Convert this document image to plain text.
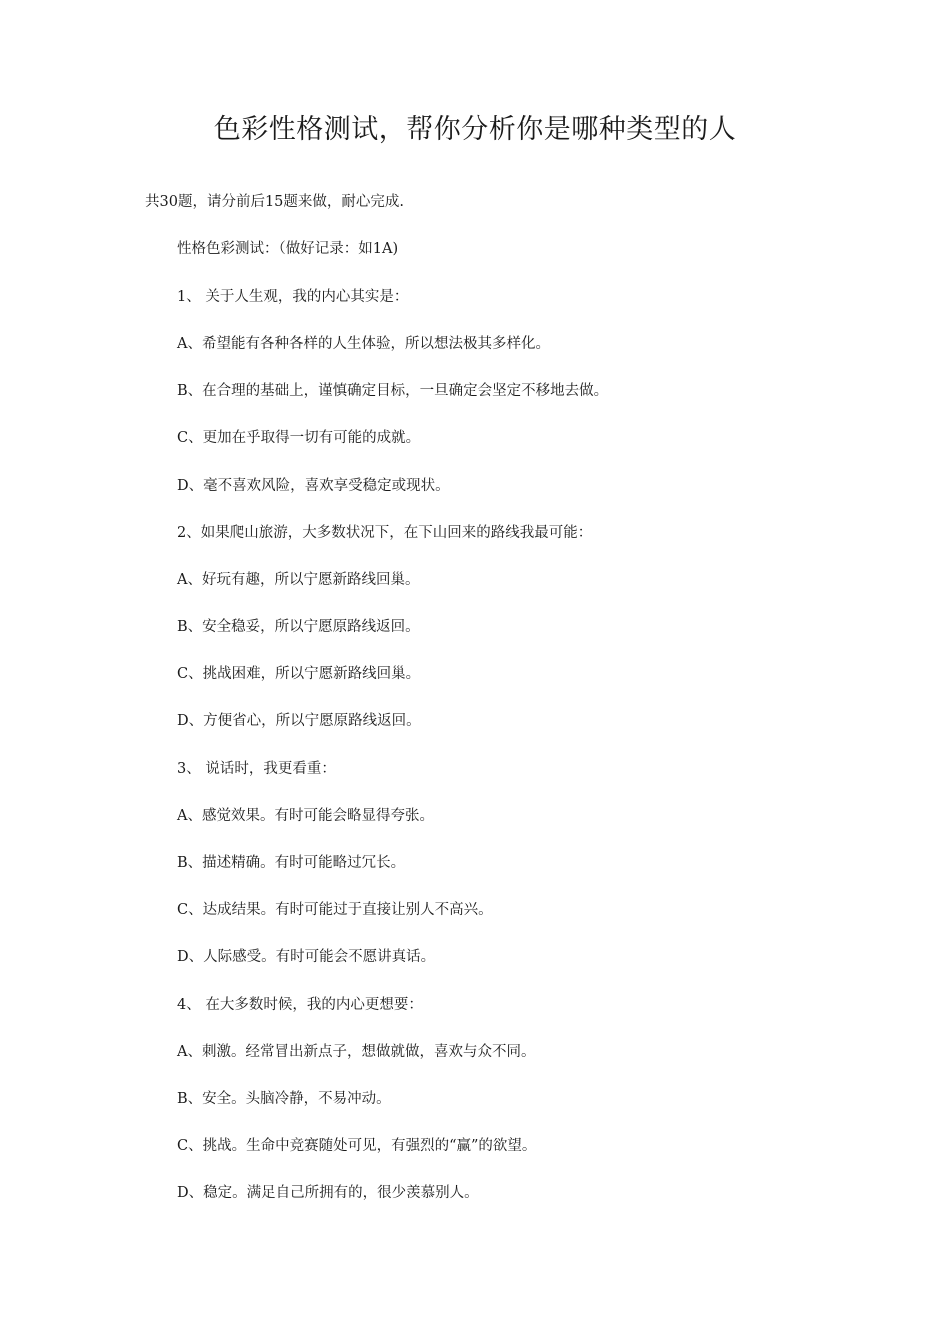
色彩性格测试，帮你分析你是哪种类型的人

共30题，请分前后15题来做，耐心完成.

性格色彩测试：（做好记录：如1A)

1、 关于人生观，我的内心其实是：

A、希望能有各种各样的人生体验，所以想法极其多样化。

B、在合理的基础上，谨慎确定目标，一旦确定会坚定不移地去做。

C、更加在乎取得一切有可能的成就。

D、毫不喜欢风险，喜欢享受稳定或现状。

2、如果爬山旅游，大多数状况下，在下山回来的路线我最可能：

A、好玩有趣，所以宁愿新路线回巢。

B、安全稳妥，所以宁愿原路线返回。

C、挑战困难，所以宁愿新路线回巢。

D、方便省心，所以宁愿原路线返回。

3、 说话时，我更看重：

A、感觉效果。有时可能会略显得夸张。

B、描述精确。有时可能略过冗长。

C、达成结果。有时可能过于直接让别人不高兴。

D、人际感受。有时可能会不愿讲真话。

4、 在大多数时候，我的内心更想要：

A、刺激。经常冒出新点子，想做就做，喜欢与众不同。

B、安全。头脑冷静，不易冲动。

C、挑战。生命中竞赛随处可见，有强烈的“赢”的欲望。

D、稳定。满足自己所拥有的，很少羡慕别人。
